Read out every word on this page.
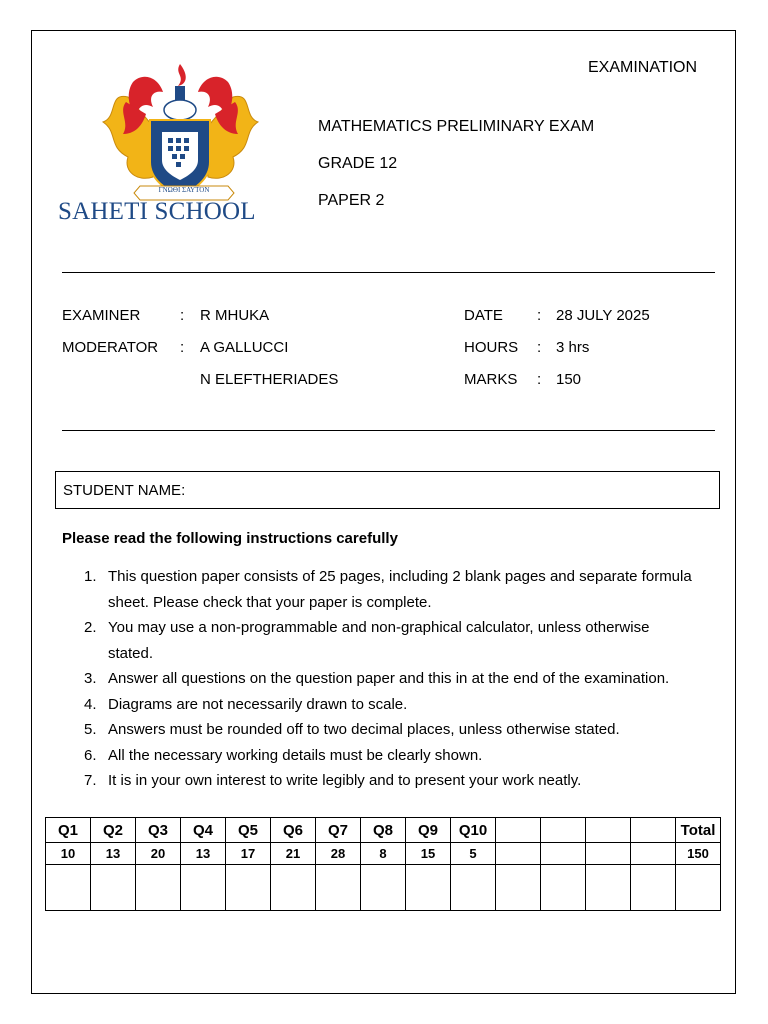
ΓΝΩΘΙ ΣΑΥΤΟΝ
SAHETI SCHOOL
EXAMINATION
MATHEMATICS PRELIMINARY EXAM
GRADE 12
PAPER 2
EXAMINER	: R MHUKA
MODERATOR : A GALLUCCI
N ELEFTHERIADES
DATE : 28 JULY 2025
HOURS : 3 hrs
MARKS : 150
STUDENT NAME:
Please read the following instructions carefully
1. This question paper consists of 25 pages, including 2 blank pages and separate formula
sheet. Please check that your paper is complete.
2. You may use a non-programmable and non-graphical calculator, unless otherwise
stated.
3. Answer all questions on the question paper and this in at the end of the examination.
4. Diagrams are not necessarily drawn to scale.
5. Answers must be rounded off to two decimal places, unless otherwise stated.
6. All the necessary working details must be clearly shown.
7. It is in your own interest to write legibly and to present your work neatly.
Q1	Q2	Q3	Q4	Q5	Q6	Q7	Q8	Q9	Q10					Total
10	13	20	13	17	21	28	8	15	5					150
